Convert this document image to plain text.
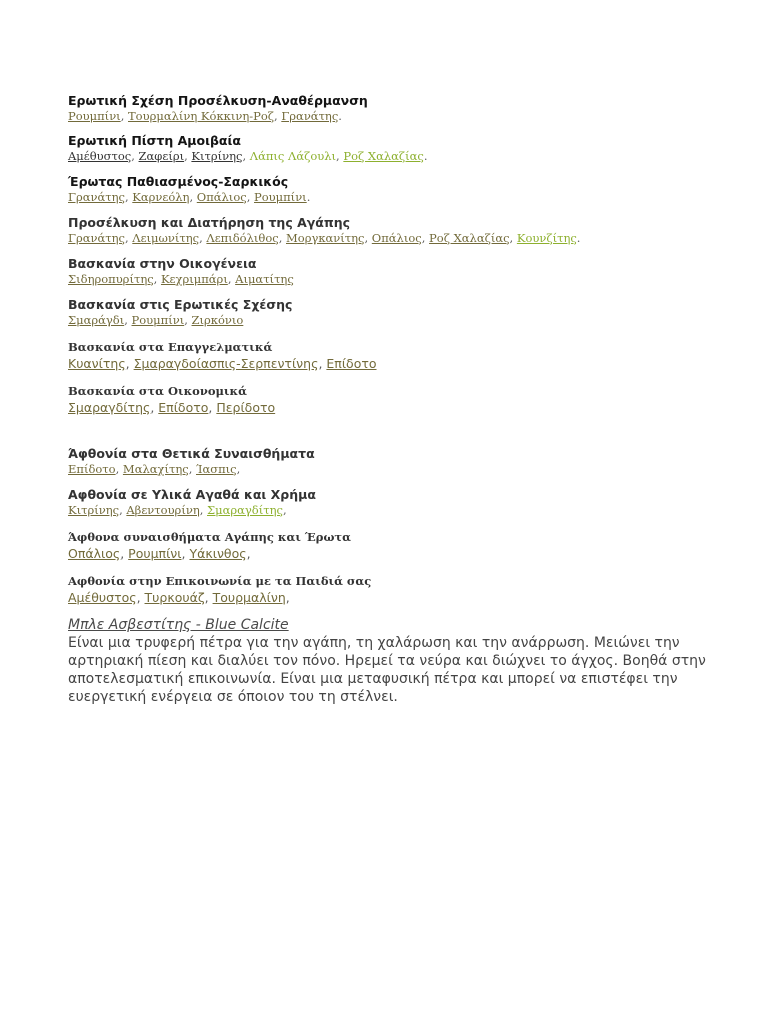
Ερωτική Σχέση Προσέλκυση-Αναθέρμανση
Ρουμπίνι, Τουρμαλίνη Κόκκινη-Ροζ, Γρανάτης.
Ερωτική Πίστη Αμοιβαία
Αμέθυστος, Ζαφείρι, Κιτρίνης, Λάπις Λάζουλι, Ροζ Χαλαζίας.
Έρωτας Παθιασμένος-Σαρκικός
Γρανάτης, Καρνεόλη, Οπάλιος, Ρουμπίνι.
Προσέλκυση και Διατήρηση της Αγάπης
Γρανάτης, Λειμωνίτης, Λεπιδόλιθος, Μοργκανίτης, Οπάλιος, Ροζ Χαλαζίας, Κουνζίτης.
Βασκανία στην Οικογένεια
Σιδηροπυρίτης, Κεχριμπάρι, Αιματίτης
Βασκανία στις Ερωτικές Σχέσης
Σμαράγδι, Ρουμπίνι, Ζιρκόνιο
Βασκανία στα Επαγγελματικά
Κυανίτης, Σμαραγδοίασπις-Σερπεντίνης, Επίδοτο
Βασκανία στα Οικονομικά
Σμαραγδίτης, Επίδοτο, Περίδοτο
Άφθονία στα Θετικά Συναισθήματα
Επίδοτο, Μαλαχίτης, Ίασπις,
Αφθονία σε Υλικά Αγαθά και Χρήμα
Κιτρίνης, Αβεντουρίνη, Σμαραγδίτης,
Άφθονα συναισθήματα Αγάπης και Έρωτα
Οπάλιος, Ρουμπίνι, Υάκινθος,
Αφθονία στην Επικοινωνία με τα Παιδιά σας
Αμέθυστος, Τυρκουάζ, Τουρμαλίνη,
Μπλε Ασβεστίτης - Blue Calcite

Είναι μια τρυφερή πέτρα για την αγάπη, τη χαλάρωση και την ανάρρωση. Μειώνει την αρτηριακή πίεση και διαλύει τον πόνο. Ηρεμεί τα νεύρα και διώχνει το άγχος. Βοηθά στην αποτελεσματική επικοινωνία. Είναι μια μεταφυσική πέτρα και μπορεί να επιστέφει την ευεργετική ενέργεια σε όποιον του τη στέλνει.
